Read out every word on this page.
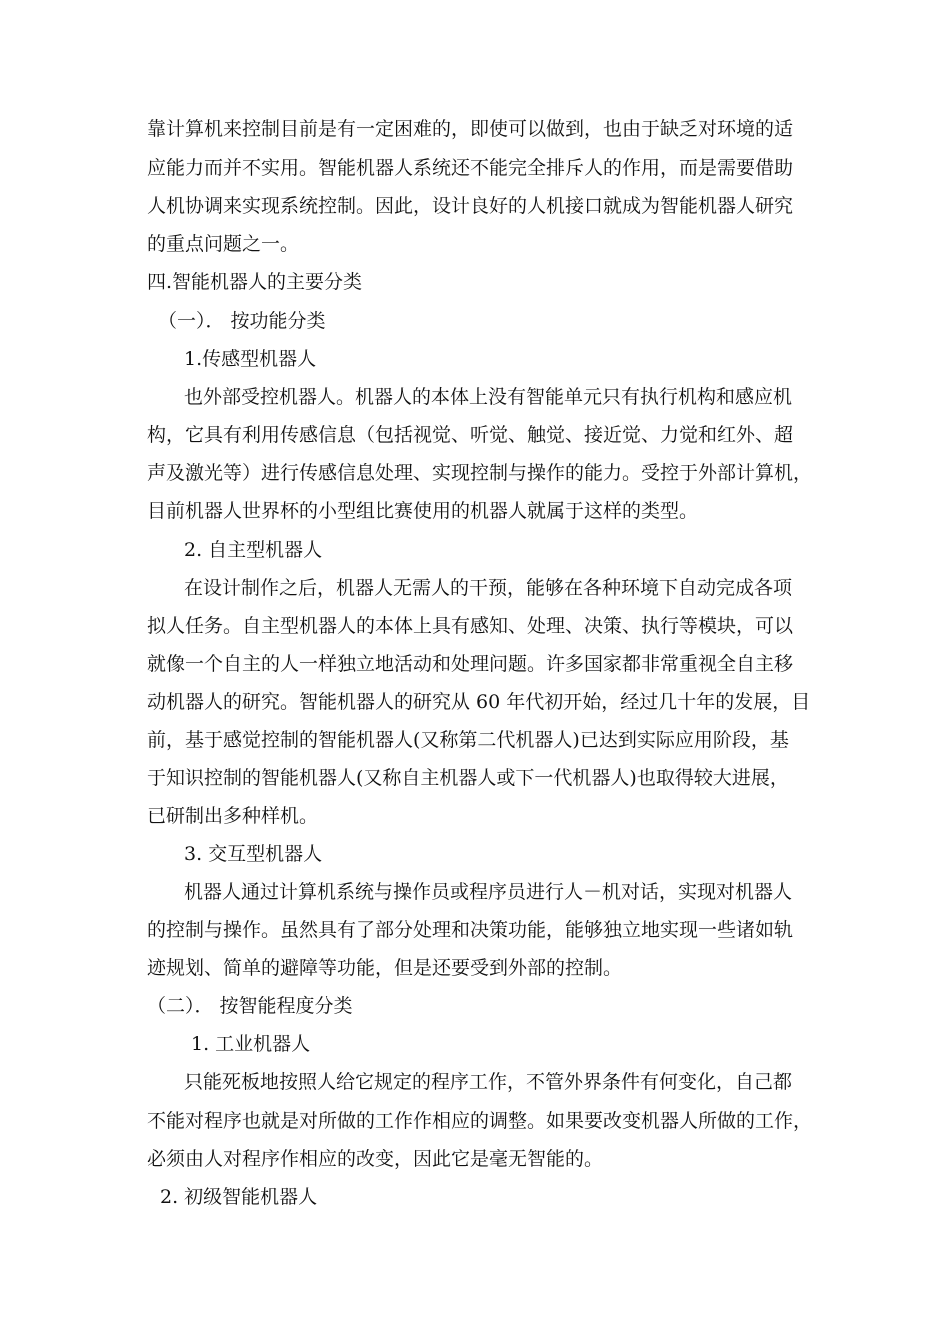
靠计算机来控制目前是有一定困难的，即使可以做到，也由于缺乏对环境的适
应能力而并不实用。智能机器人系统还不能完全排斥人的作用，而是需要借助
人机协调来实现系统控制。因此，设计良好的人机接口就成为智能机器人研究
的重点问题之一。
四.智能机器人的主要分类
（一）． 按功能分类
1.传感型机器人
也外部受控机器人。机器人的本体上没有智能单元只有执行机构和感应机
构，它具有利用传感信息（包括视觉、听觉、触觉、接近觉、力觉和红外、超
声及激光等）进行传感信息处理、实现控制与操作的能力。受控于外部计算机，
目前机器人世界杯的小型组比赛使用的机器人就属于这样的类型。
2. 自主型机器人
在设计制作之后，机器人无需人的干预，能够在各种环境下自动完成各项
拟人任务。自主型机器人的本体上具有感知、处理、决策、执行等模块，可以
就像一个自主的人一样独立地活动和处理问题。许多国家都非常重视全自主移
动机器人的研究。智能机器人的研究从 60 年代初开始，经过几十年的发展，目
前，基于感觉控制的智能机器人(又称第二代机器人)已达到实际应用阶段，基
于知识控制的智能机器人(又称自主机器人或下一代机器人)也取得较大进展，
已研制出多种样机。
3. 交互型机器人
机器人通过计算机系统与操作员或程序员进行人－机对话，实现对机器人
的控制与操作。虽然具有了部分处理和决策功能，能够独立地实现一些诸如轨
迹规划、简单的避障等功能，但是还要受到外部的控制。
（二）． 按智能程度分类
1. 工业机器人
只能死板地按照人给它规定的程序工作，不管外界条件有何变化，自己都
不能对程序也就是对所做的工作作相应的调整。如果要改变机器人所做的工作，
必须由人对程序作相应的改变，因此它是毫无智能的。
2. 初级智能机器人
